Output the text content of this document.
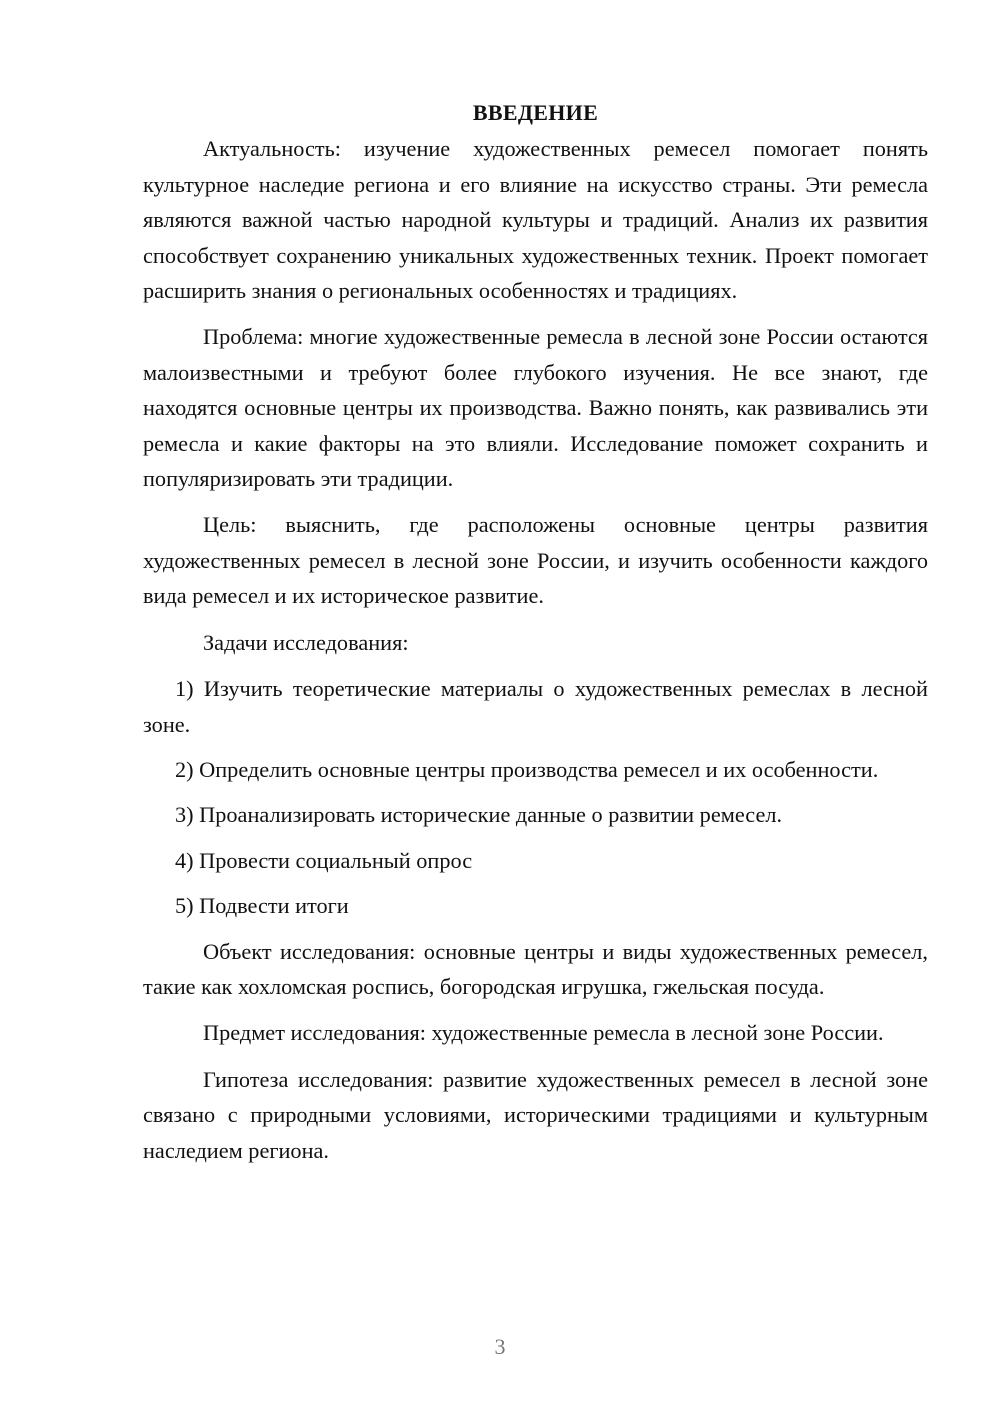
ВВЕДЕНИЕ

Актуальность: изучение художественных ремесел помогает понять культурное наследие региона и его влияние на искусство страны. Эти ремесла являются важной частью народной культуры и традиций. Анализ их развития способствует сохранению уникальных художественных техник. Проект помогает расширить знания о региональных особенностях и традициях.

Проблема: многие художественные ремесла в лесной зоне России остаются малоизвестными и требуют более глубокого изучения. Не все знают, где находятся основные центры их производства. Важно понять, как развивались эти ремесла и какие факторы на это влияли. Исследование поможет сохранить и популяризировать эти традиции.

Цель: выяснить, где расположены основные центры развития художественных ремесел в лесной зоне России, и изучить особенности каждого вида ремесел и их историческое развитие.

Задачи исследования:

1) Изучить теоретические материалы о художественных ремеслах в лесной зоне.

2) Определить основные центры производства ремесел и их особенности.

3) Проанализировать исторические данные о развитии ремесел.

4) Провести социальный опрос

5) Подвести итоги

Объект исследования: основные центры и виды художественных ремесел, такие как хохломская роспись, богородская игрушка, гжельская посуда.

Предмет исследования: художественные ремесла в лесной зоне России.

Гипотеза исследования: развитие художественных ремесел в лесной зоне связано с природными условиями, историческими традициями и культурным наследием региона.

3
